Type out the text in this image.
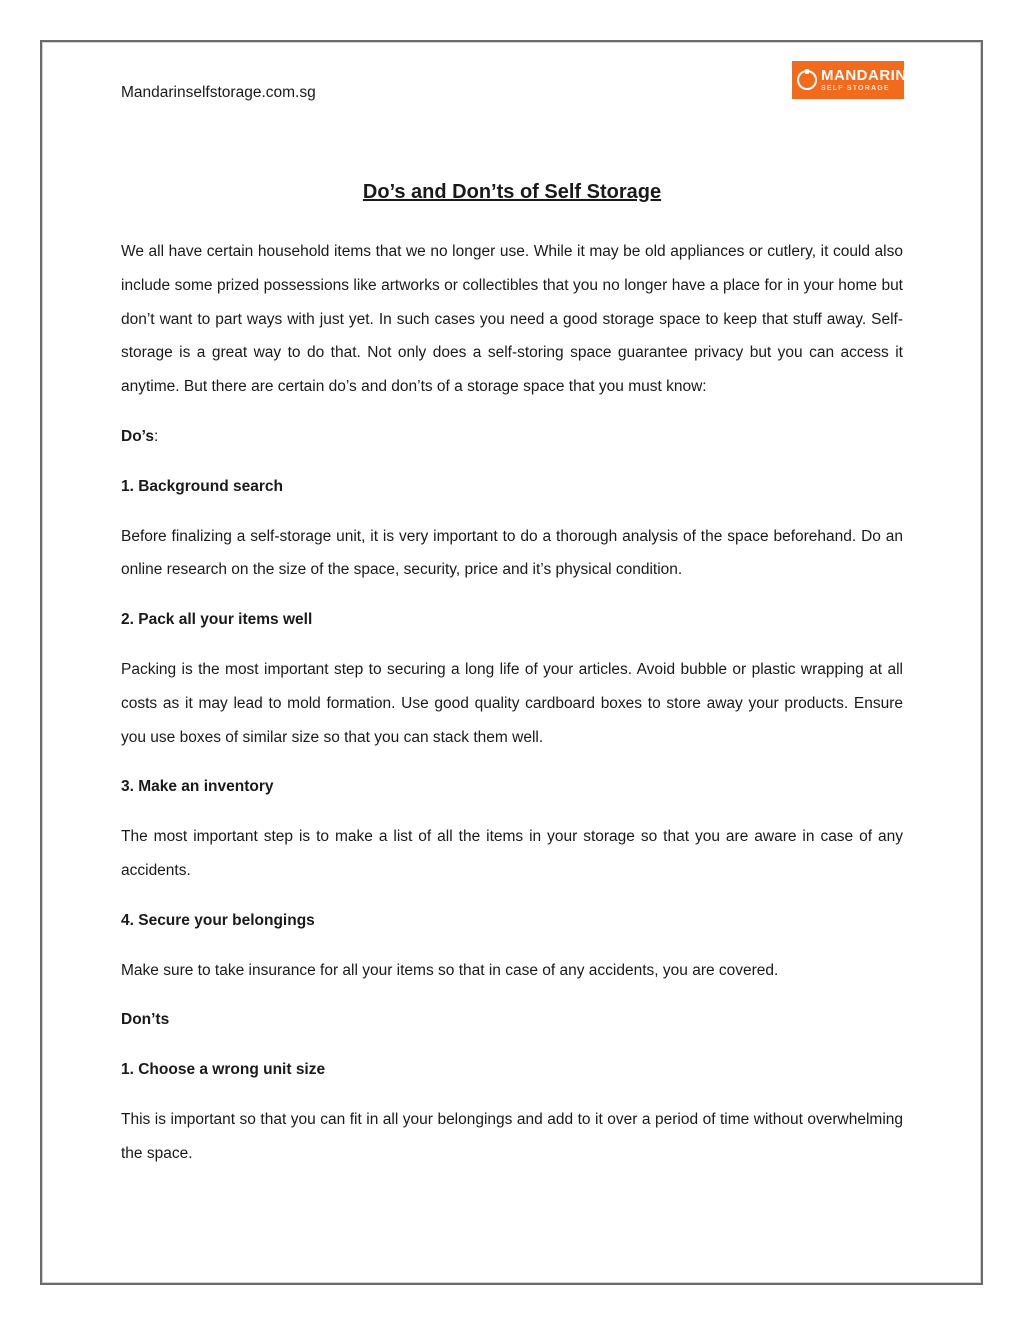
Mandarinselfstorage.com.sg
MANDARIN
SELF STORAGE
Do’s and Don’ts of Self Storage

We all have certain household items that we no longer use. While it may be old appliances or cutlery, it could also include some prized possessions like artworks or collectibles that you no longer have a place for in your home but don’t want to part ways with just yet. In such cases you need a good storage space to keep that stuff away. Self-storage is a great way to do that. Not only does a self-storing space guarantee privacy but you can access it anytime. But there are certain do’s and don’ts of a storage space that you must know:

Do’s:

1. Background search

Before finalizing a self-storage unit, it is very important to do a thorough analysis of the space beforehand. Do an online research on the size of the space, security, price and it’s physical condition.

2. Pack all your items well

Packing is the most important step to securing a long life of your articles. Avoid bubble or plastic wrapping at all costs as it may lead to mold formation. Use good quality cardboard boxes to store away your products. Ensure you use boxes of similar size so that you can stack them well.

3. Make an inventory

The most important step is to make a list of all the items in your storage so that you are aware in case of any accidents.

4. Secure your belongings

Make sure to take insurance for all your items so that in case of any accidents, you are covered.

Don’ts

1. Choose a wrong unit size

This is important so that you can fit in all your belongings and add to it over a period of time without overwhelming the space.
